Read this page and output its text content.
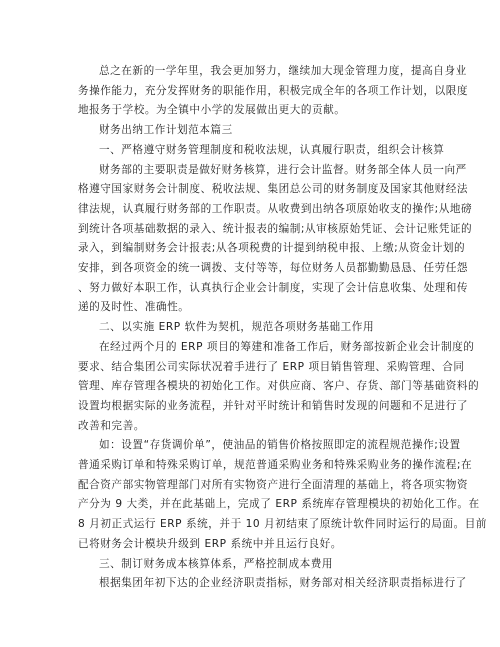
总之在新的一学年里，我会更加努力，继续加大现金管理力度，提高自身业
务操作能力，充分发挥财务的职能作用，积极完成全年的各项工作计划，以限度
地报务于学校。为全镇中小学的发展做出更大的贡献。
财务出纳工作计划范本篇三
一、严格遵守财务管理制度和税收法规，认真履行职责，组织会计核算
财务部的主要职责是做好财务核算，进行会计监督。财务部全体人员一向严
格遵守国家财务会计制度、税收法规、集团总公司的财务制度及国家其他财经法
律法规，认真履行财务部的工作职责。从收费到出纳各项原始收支的操作;从地磅
到统计各项基础数据的录入、统计报表的编制;从审核原始凭证、会计记账凭证的
录入，到编制财务会计报表;从各项税费的计提到纳税申报、上缴;从资金计划的
安排，到各项资金的统一调拨、支付等等，每位财务人员都勤勤恳恳、任劳任怨
、努力做好本职工作，认真执行企业会计制度，实现了会计信息收集、处理和传
递的及时性、准确性。
二、以实施 ERP 软件为契机，规范各项财务基础工作用
在经过两个月的 ERP 项目的筹建和准备工作后，财务部按新企业会计制度的
要求、结合集团公司实际状况着手进行了 ERP 项目销售管理、采购管理、合同
管理、库存管理各模块的初始化工作。对供应商、客户、存货、部门等基础资料的
设置均根据实际的业务流程，并针对平时统计和销售时发现的问题和不足进行了
改善和完善。
如：设置“存货调价单”，使油品的销售价格按照即定的流程规范操作;设置
普通采购订单和特殊采购订单，规范普通采购业务和特殊采购业务的操作流程;在
配合资产部实物管理部门对所有实物资产进行全面清理的基础上，将各项实物资
产分为 9 大类，并在此基础上，完成了 ERP 系统库存管理模块的初始化工作。在
8 月初正式运行 ERP 系统，并于 10 月初结束了原统计软件同时运行的局面。目前
已将财务会计模块升级到 ERP 系统中并且运行良好。
三、制订财务成本核算体系，严格控制成本费用
根据集团年初下达的企业经济职责指标，财务部对相关经济职责指标进行了
